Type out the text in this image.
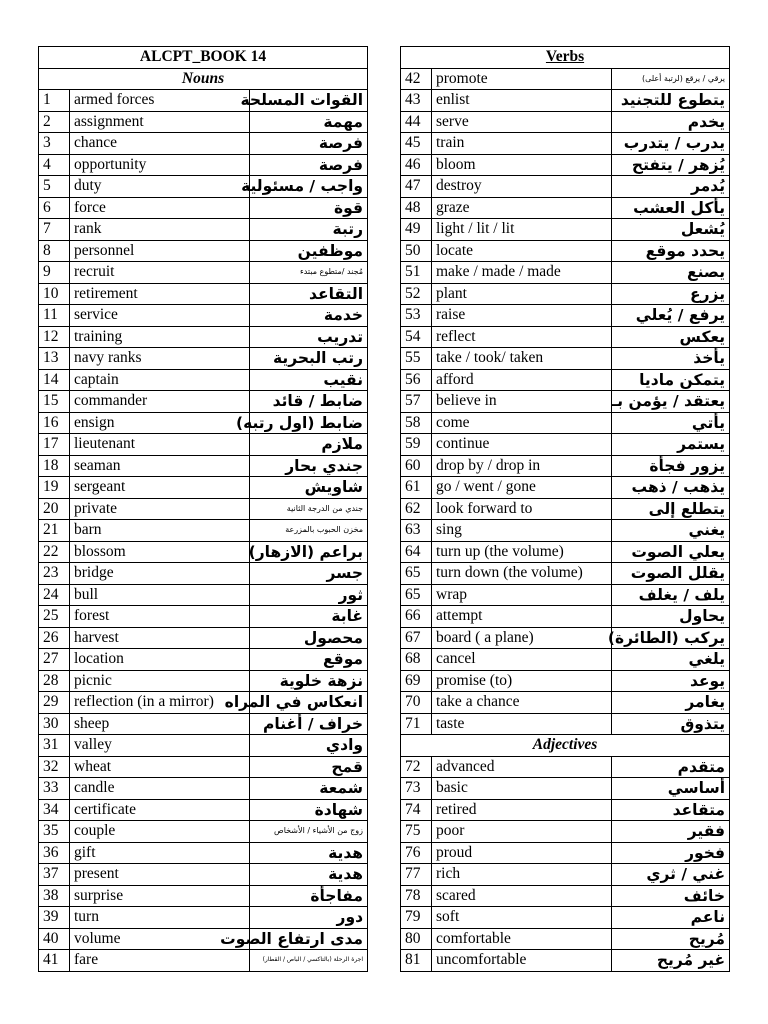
ALCPT_BOOK 14		
Nouns		
1	armed forces	القوات المسلحة
2	assignment	مهمة
3	chance	فرصة
4	opportunity	فرصة
5	duty	واجب / مسئولية
6	force	قوة
7	rank	رتبة
8	personnel	موظفين
9	recruit	مُجند /متطوع مبتدء
10	retirement	التقاعد
11	service	خدمة
12	training	تدريب
13	navy ranks	رتب البحرية
14	captain	نقيب
15	commander	ضابط / قائد
16	ensign	ضابط (اول رتبه)
17	lieutenant	ملازم
18	seaman	جندي بحار
19	sergeant	شاويش
20	private	جندي من الدرجة الثانية
21	barn	مخزن الحبوب بالمزرعة
22	blossom	براعم (الازهار)
23	bridge	جسر
24	bull	ثور
25	forest	غابة
26	harvest	محصول
27	location	موقع
28	picnic	نزهة خلوية
29	reflection (in a mirror)	انعكاس في المراه
30	sheep	خراف / أغنام
31	valley	وادي
32	wheat	قمح
33	candle	شمعة
34	certificate	شهادة
35	couple	زوج من الأشياء / الأشخاص
36	gift	هدية
37	present	هدية
38	surprise	مفاجأة
39	turn	دور
40	volume	مدى ارتفاع الصوت
41	fare	اجرة الرحلة (بالتاكسي / الباص / القطار)
Verbs		
42	promote	يرقي / يرقع (لرتبة أعلى)
43	enlist	يتطوع للتجنيد
44	serve	يخدم
45	train	يدرب / يتدرب
46	bloom	يُزهر / يتفتح
47	destroy	يُدمر
48	graze	يأكل العشب
49	light / lit / lit	يُشعل
50	locate	يحدد موقع
51	make / made / made	يصنع
52	plant	يزرع
53	raise	يرفع / يُعلي
54	reflect	يعكس
55	take / took/ taken	يأخذ
56	afford	يتمكن ماديا
57	believe in	يعتقد / يؤمن بـ
58	come	يأتي
59	continue	يستمر
60	drop by / drop in	يزور فجأة
61	go / went / gone	يذهب / ذهب
62	look forward to	يتطلع إلى
63	sing	يغني
64	turn up (the volume)	يعلي الصوت
65	turn down (the volume)	يقلل الصوت
65	wrap	يلف / يغلف
66	attempt	يحاول
67	board ( a plane)	يركب (الطائرة)
68	cancel	يلغي
69	promise (to)	يوعد
70	take a chance	يغامر
71	taste	يتذوق
Adjectives		
72	advanced	متقدم
73	basic	أساسي
74	retired	متقاعد
75	poor	فقير
76	proud	فخور
77	rich	غني / ثري
78	scared	خائف
79	soft	ناعم
80	comfortable	مُريح
81	uncomfortable	غير مُريح
